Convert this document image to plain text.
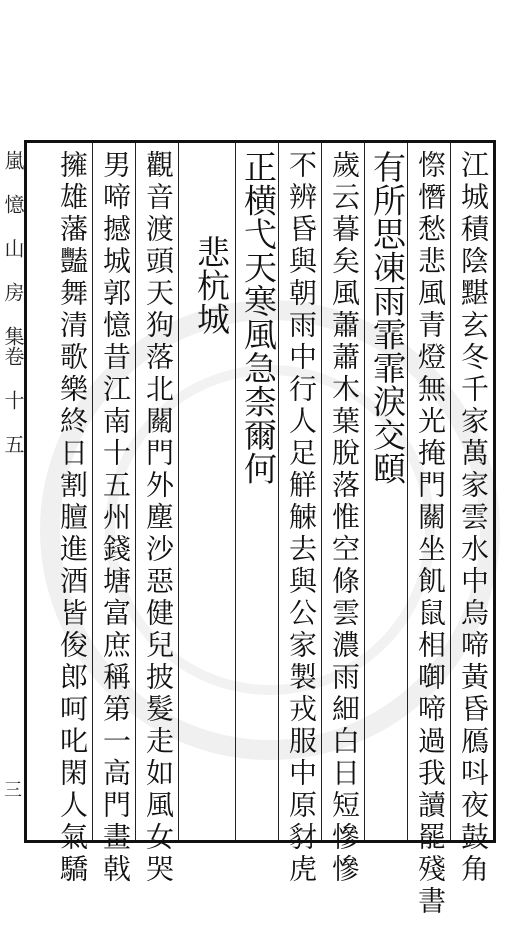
嵐 憶 山 房 集卷 十 五
三	江城積陰黮玄冬千家萬家雲水中烏啼黃昏鴈呌夜鼓角
憏憯愁悲風青燈無光掩門關坐飢鼠相啣啼過我讀罷殘書
有所思凍雨霏霏淚交頤
歲云暮矣風蕭蕭木葉脫落惟空條雲濃雨細白日短慘慘
不辨昏與朝雨中行人足觧觫去與公家製戎服中原豺虎
正横弋天寒風急柰爾何
悲杭城
觀音渡頭天狗落北關門外塵沙惡健兒披髮走如風女哭
男啼撼城郭憶昔江南十五州錢塘富庶稱第一高門畫戟
擁雄藩豔舞清歌樂終日割膻進酒皆俊郎呵叱閑人氣驕
